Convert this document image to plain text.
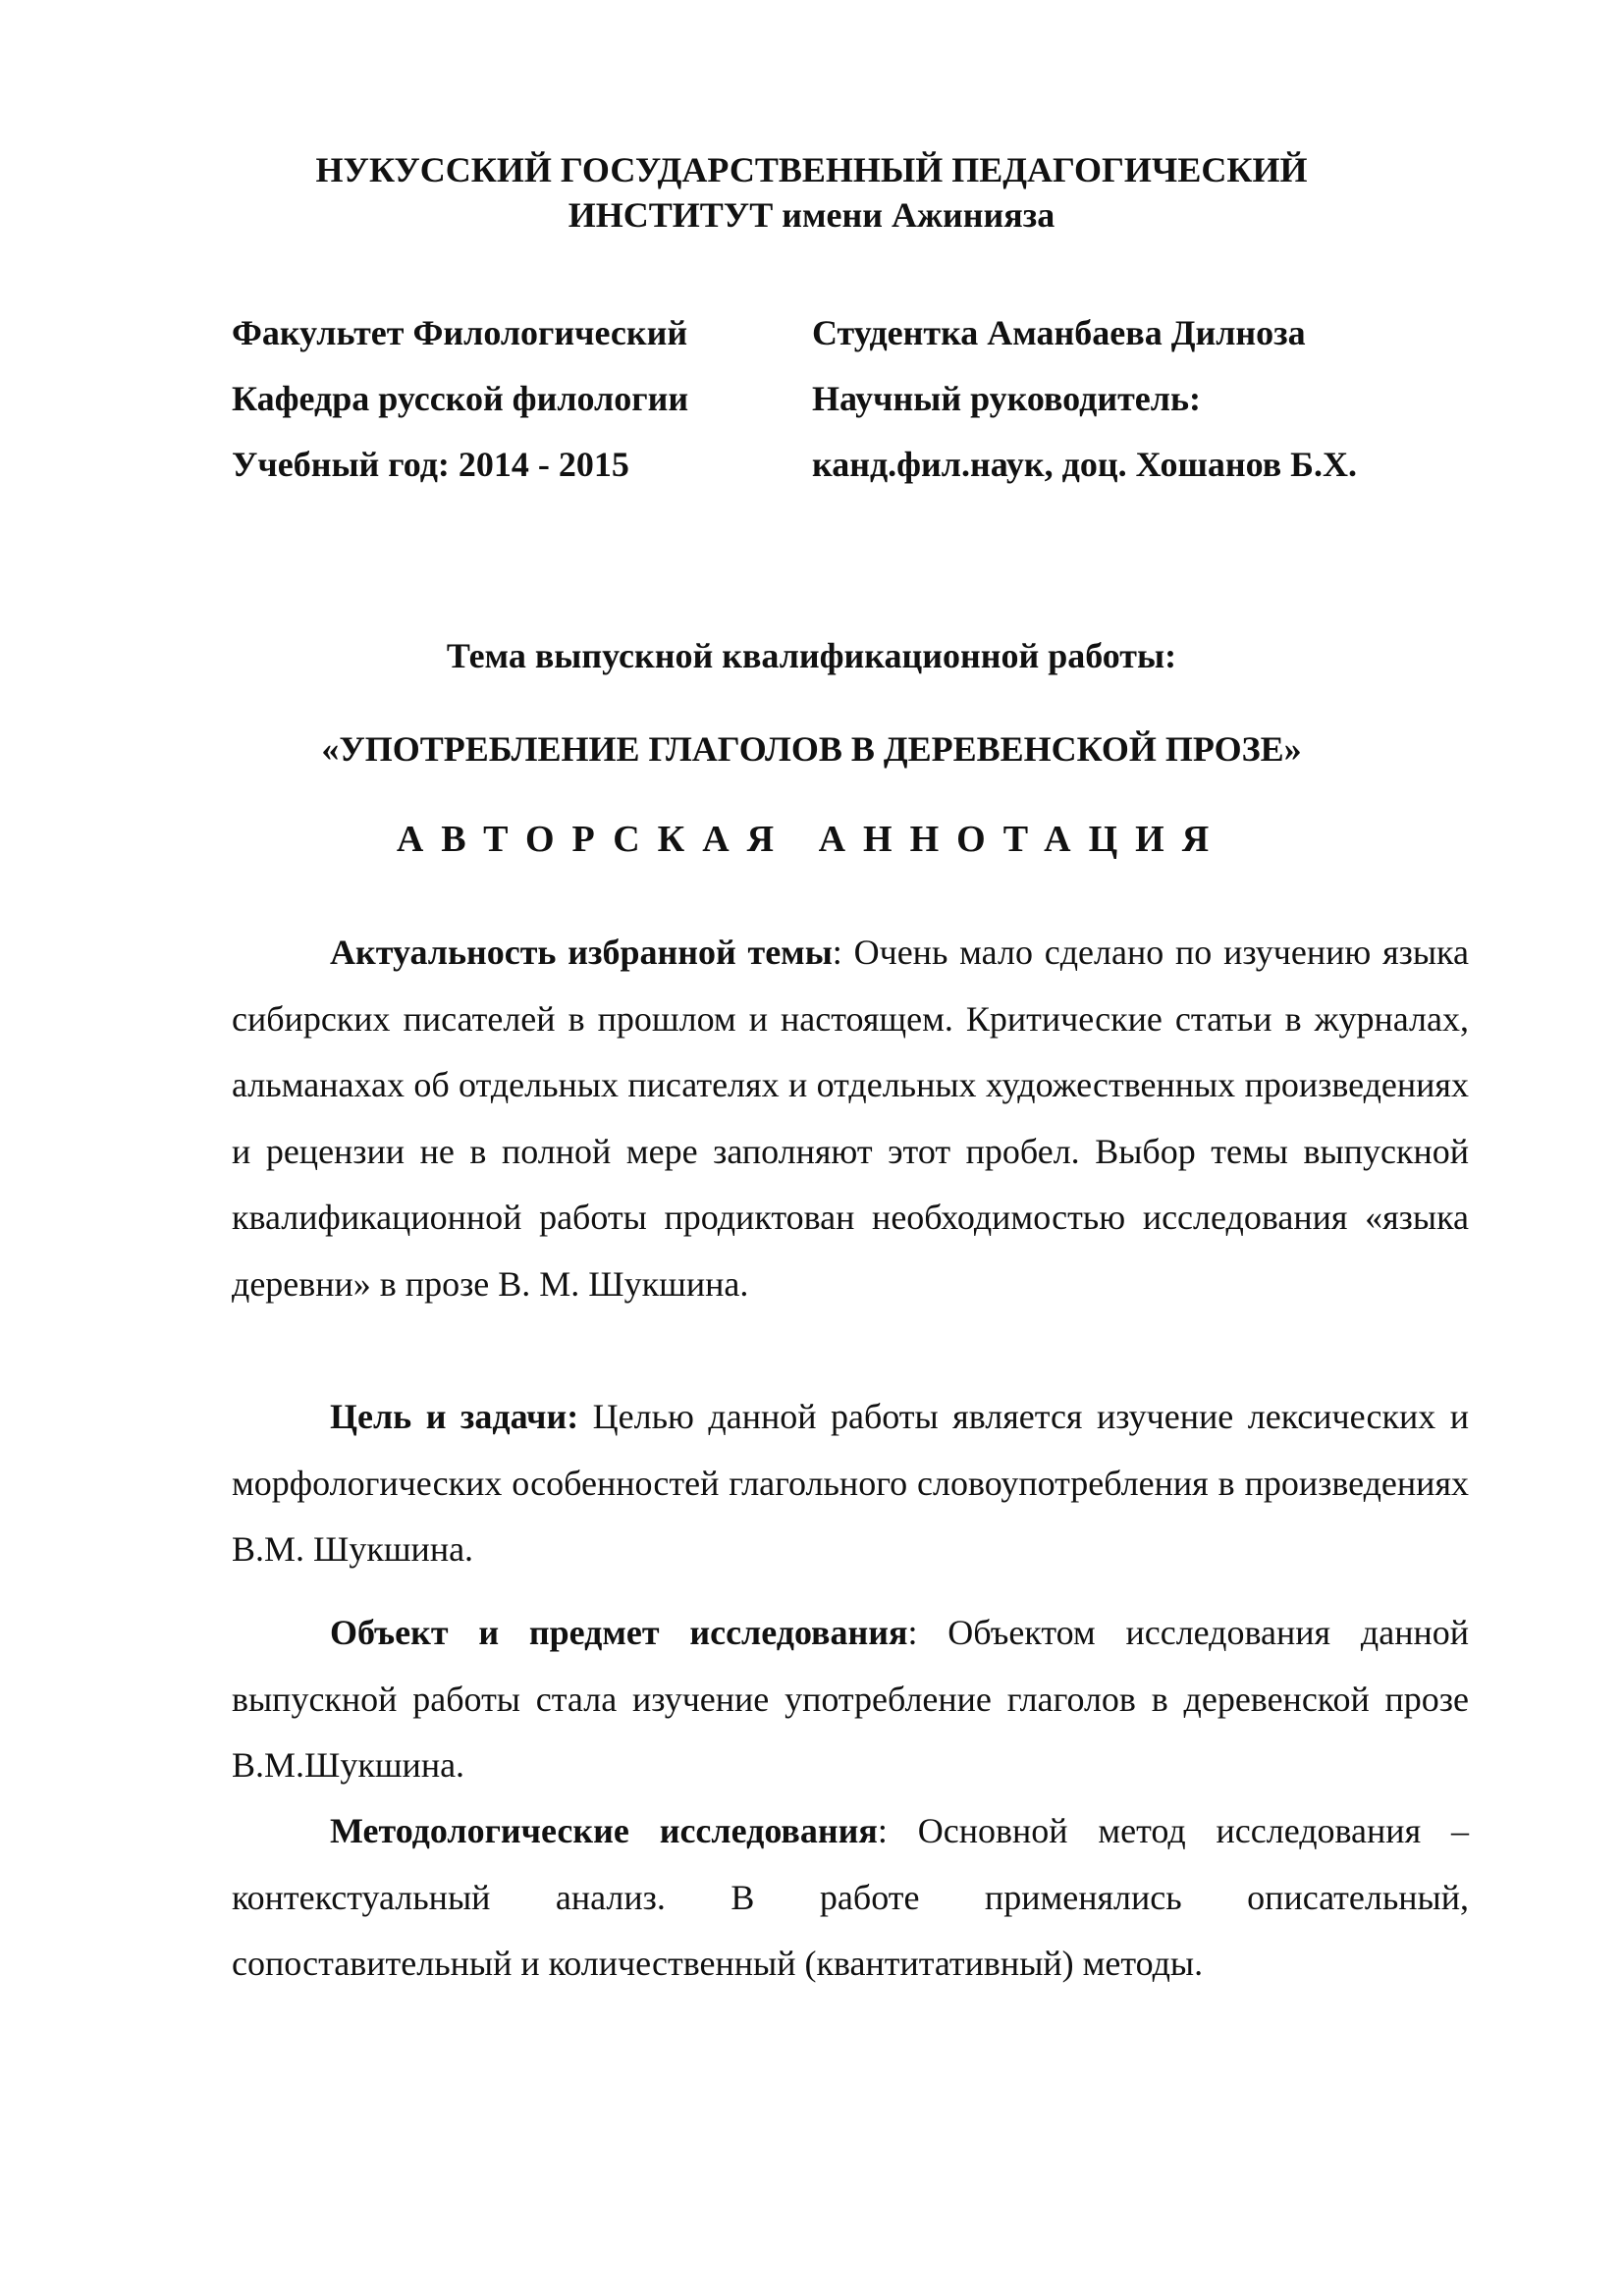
НУКУССКИЙ ГОСУДАРСТВЕННЫЙ ПЕДАГОГИЧЕСКИЙ
ИНСТИТУТ имени Ажинияза
Факультет Филологический
Кафедра русской филологии
Учебный год: 2014 - 2015
Студентка Аманбаева Дилноза
Научный руководитель:
канд.фил.наук, доц. Хошанов Б.Х.
Тема выпускной квалификационной работы:
«УПОТРЕБЛЕНИЕ ГЛАГОЛОВ В ДЕРЕВЕНСКОЙ ПРОЗЕ»
АВТОРСКАЯ АННОТАЦИЯ

Актуальность избранной темы: Очень мало сделано по изучению языка сибирских писателей в прошлом и настоящем. Критические статьи в журналах, альманахах об отдельных писателях и отдельных художественных произведениях и рецензии не в полной мере заполняют этот пробел. Выбор темы выпускной квалификационной работы продиктован необходимостью исследования «языка деревни» в прозе В. М. Шукшина.

Цель и задачи: Целью данной работы является изучение лексических и морфологических особенностей глагольного словоупотребления в произведениях В.М. Шукшина.

Объект и предмет исследования: Объектом исследования данной выпускной работы стала изучение употребление глаголов в деревенской прозе В.М.Шукшина.

Методологические исследования: Основной метод исследования – контекстуальный анализ. В работе применялись описательный, сопоставительный и количественный (квантитативный) методы.
